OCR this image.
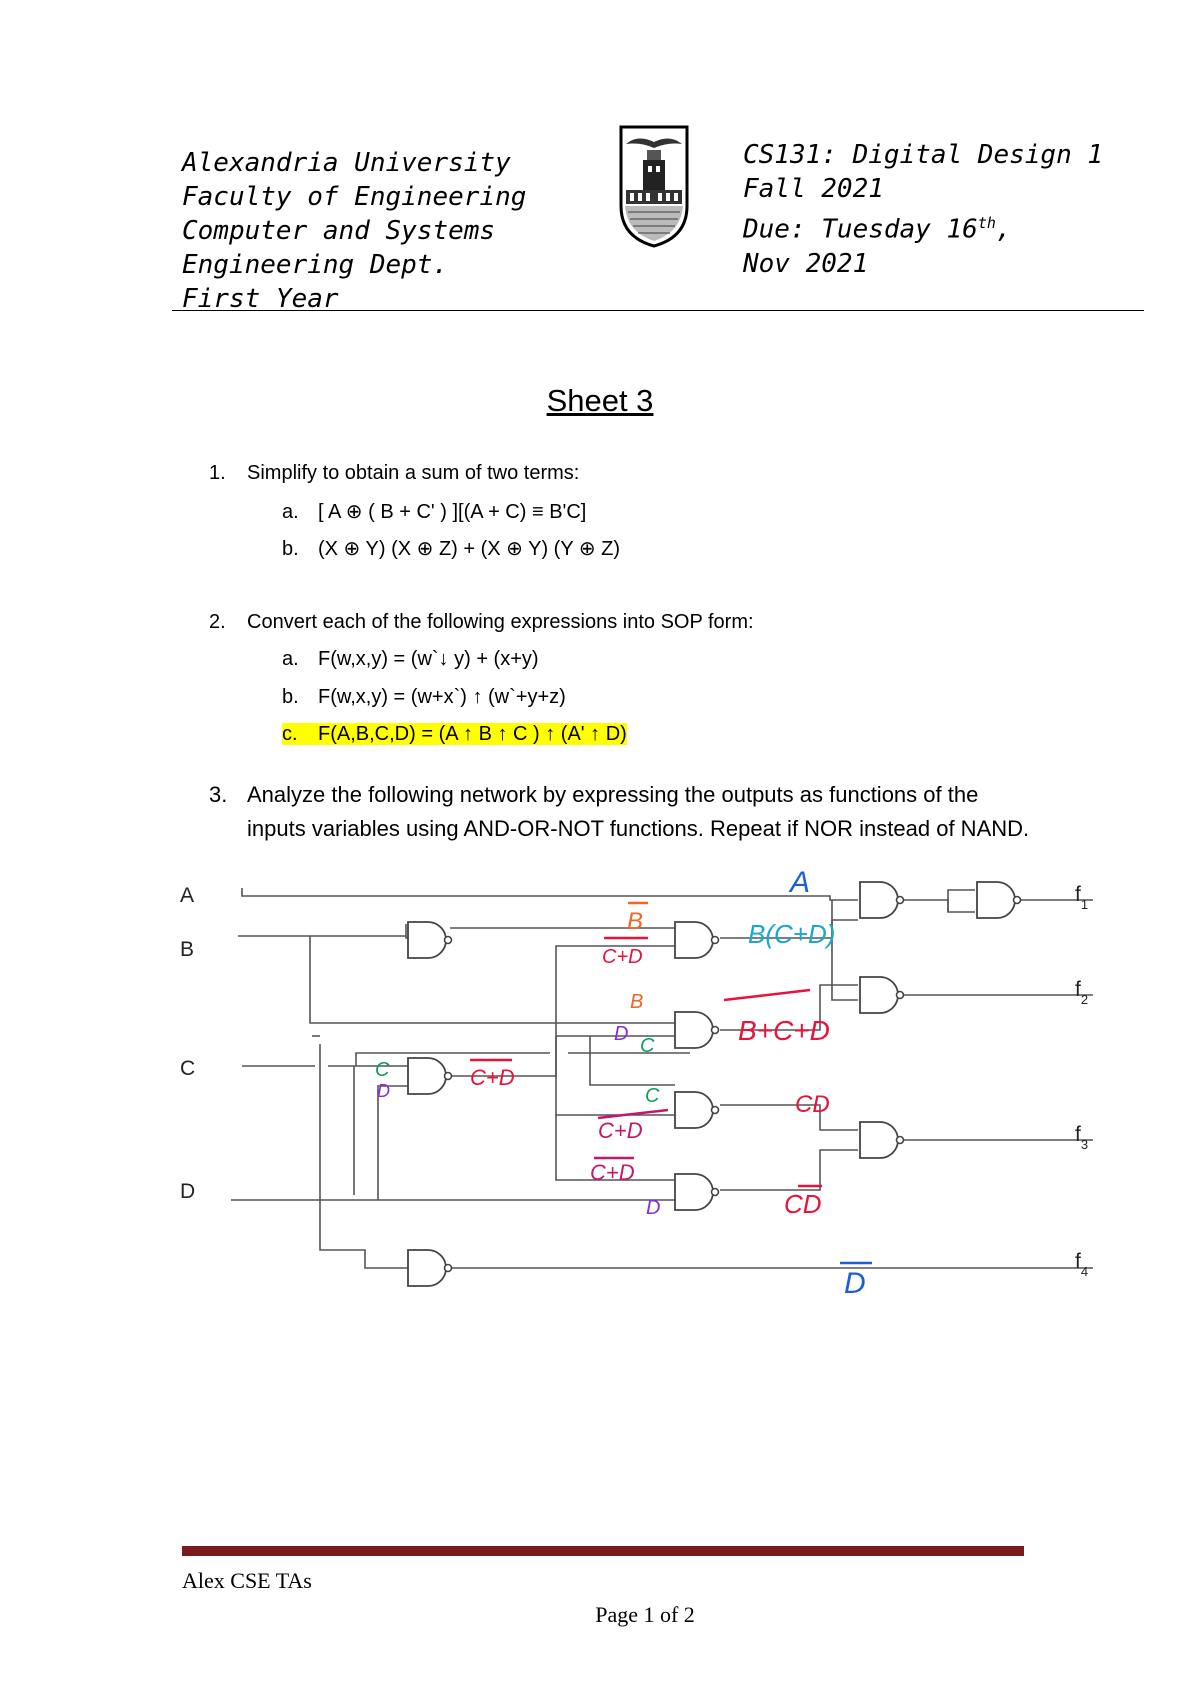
Alexandria University
Faculty of Engineering
Computer and Systems
Engineering Dept.
First Year
CS131: Digital Design 1
Fall 2021
Due: Tuesday 16th,
Nov 2021
Sheet 3
1. Simplify to obtain a sum of two terms:
a. [ A ⊕ ( B + C' ) ][(A + C) ≡ B'C]
b. (X ⊕ Y) (X ⊕ Z) + (X ⊕ Y) (Y ⊕ Z)
2. Convert each of the following expressions into SOP form:
a. F(w,x,y) = (w`↓ y) + (x+y)
b. F(w,x,y) = (w+x`) ↑ (w`+y+z)
c. F(A,B,C,D) = (A ↑ B ↑ C ) ↑ (A' ↑ D)
3. Analyze the following network by expressing the outputs as functions of the
inputs variables using AND-OR-NOT functions. Repeat if NOR instead of NAND.
A
B
C
D
$f_1$
$f_2$
$f_3$
$f_4$
A
B
C+D
B(C+D)
B
D
C	B+C+D
C
D
C+D
C
C+D
C+D
D
CD
CD
D
Alex CSE TAs
Page 1 of 2
